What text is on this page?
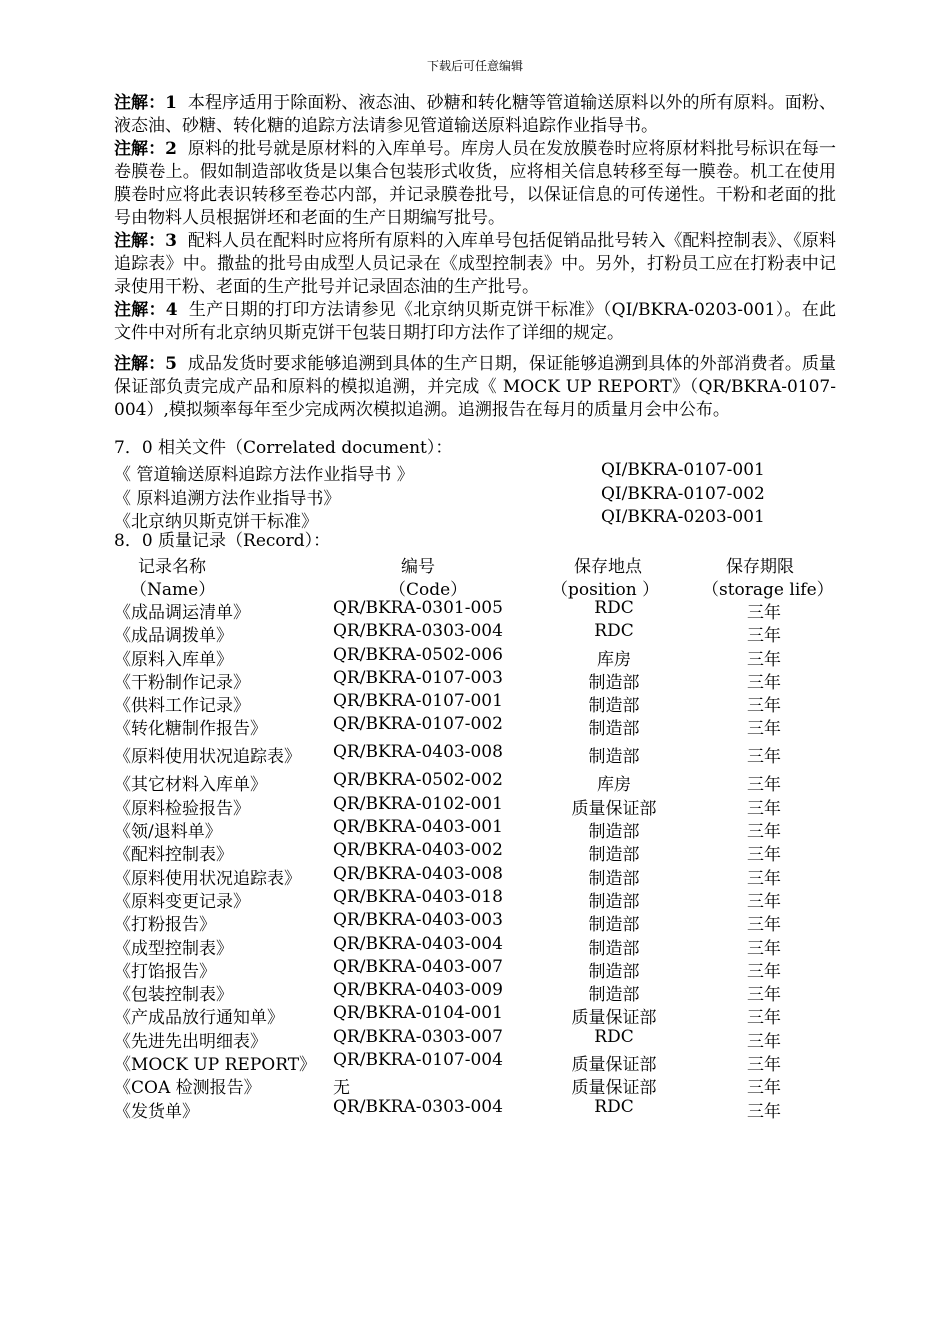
下载后可任意编辑

注解：1 本程序适用于除面粉、液态油、砂糖和转化糖等管道输送原料以外的所有原料。面粉、液态油、砂糖、转化糖的追踪方法请参见管道输送原料追踪作业指导书。

注解：2 原料的批号就是原材料的入库单号。库房人员在发放膜卷时应将原材料批号标识在每一卷膜卷上。假如制造部收货是以集合包装形式收货，应将相关信息转移至每一膜卷。机工在使用膜卷时应将此表识转移至卷芯内部，并记录膜卷批号，以保证信息的可传递性。干粉和老面的批号由物料人员根据饼坯和老面的生产日期编写批号。

注解：3 配料人员在配料时应将所有原料的入库单号包括促销品批号转入《配料控制表》、《原料追踪表》中。撒盐的批号由成型人员记录在《成型控制表》中。另外，打粉员工应在打粉表中记录使用干粉、老面的生产批号并记录固态油的生产批号。

注解：4 生产日期的打印方法请参见《北京纳贝斯克饼干标准》（QI/BKRA-0203-001）。在此文件中对所有北京纳贝斯克饼干包装日期打印方法作了详细的规定。

注解：5 成品发货时要求能够追溯到具体的生产日期，保证能够追溯到具体的外部消费者。质量保证部负责完成产品和原料的模拟追溯，并完成《 MOCK UP REPORT》（QR/BKRA-0107-004）,模拟频率每年至少完成两次模拟追溯。追溯报告在每月的质量月会中公布。

7．0 相关文件（Correlated document）：
《 管道输送原料追踪方法作业指导书 》	QI/BKRA-0107-001
《 原料追溯方法作业指导书》	QI/BKRA-0107-002
《北京纳贝斯克饼干标准》	QI/BKRA-0203-001
8．0 质量记录（Record）：
记录名称	编号	保存地点	保存期限
（Name）	（Code）	（position ）	（storage life）
《成品调运清单》	QR/BKRA-0301-005	RDC	三年
《成品调拨单》	QR/BKRA-0303-004	RDC	三年
《原料入库单》	QR/BKRA-0502-006	库房	三年
《干粉制作记录》	QR/BKRA-0107-003	制造部	三年
《供料工作记录》	QR/BKRA-0107-001	制造部	三年
《转化糖制作报告》	QR/BKRA-0107-002	制造部	三年
《原料使用状况追踪表》 QR/BKRA-0403-008	制造部	三年
《其它材料入库单》	QR/BKRA-0502-002	库房	三年
《原料检验报告》	QR/BKRA-0102-001	质量保证部	三年
《领/退料单》	QR/BKRA-0403-001	制造部	三年
《配料控制表》	QR/BKRA-0403-002	制造部	三年
《原料使用状况追踪表》 QR/BKRA-0403-008	制造部	三年
《原料变更记录》	QR/BKRA-0403-018	制造部	三年
《打粉报告》	QR/BKRA-0403-003	制造部	三年
《成型控制表》	QR/BKRA-0403-004	制造部	三年
《打馅报告》	QR/BKRA-0403-007	制造部	三年
《包装控制表》	QR/BKRA-0403-009	制造部	三年
《产成品放行通知单》	QR/BKRA-0104-001	质量保证部	三年
《先进先出明细表》	QR/BKRA-0303-007	RDC	三年
《MOCK UP REPORT》 QR/BKRA-0107-004	质量保证部	三年
《COA 检测报告》	无	质量保证部	三年
《发货单》	QR/BKRA-0303-004	RDC	三年
